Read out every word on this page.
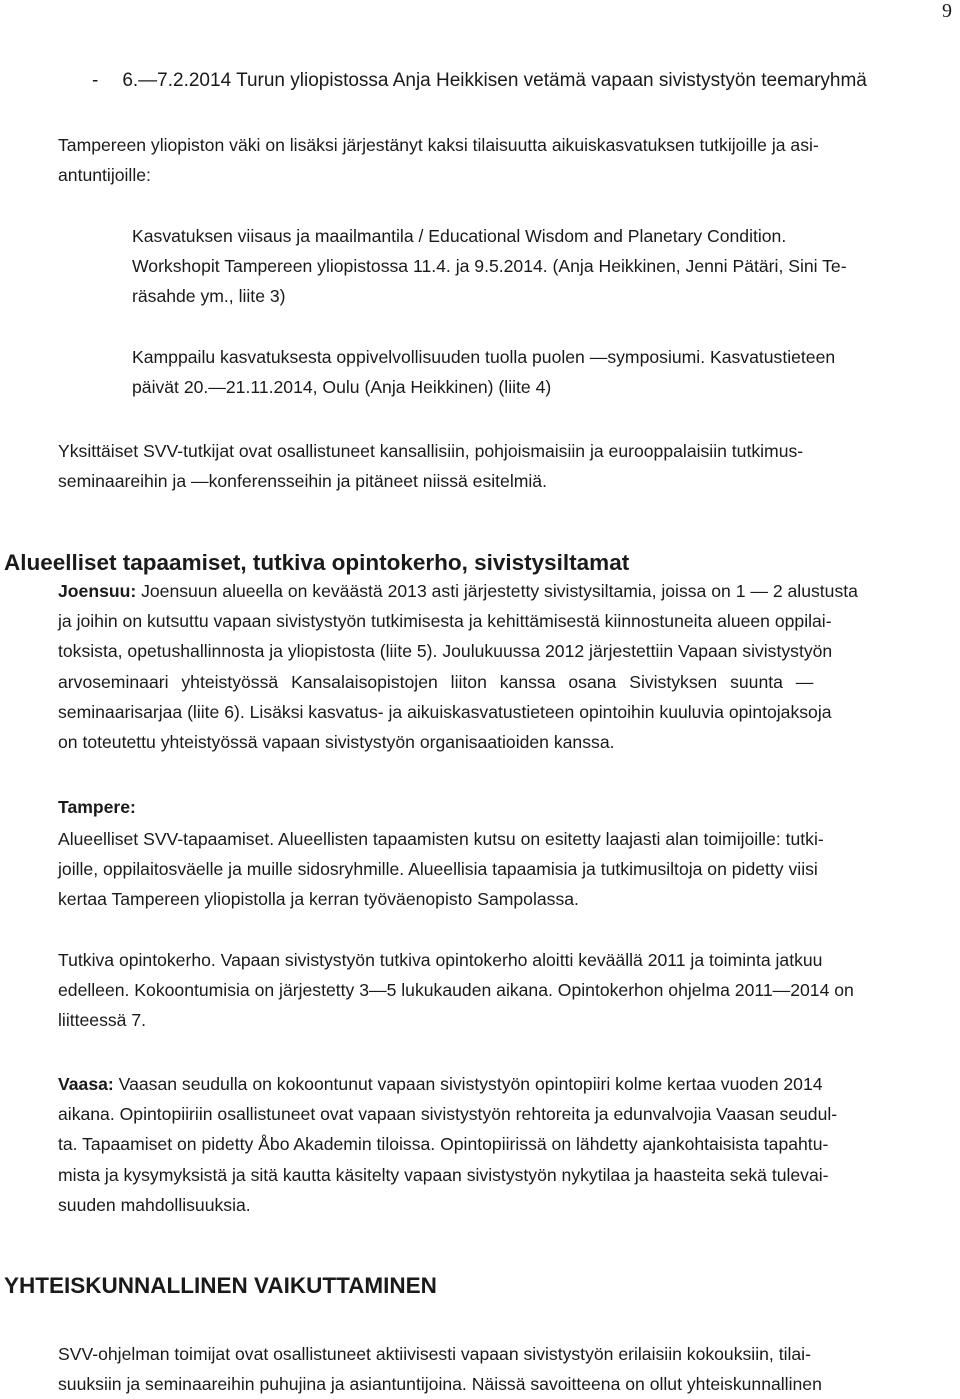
9
- 6.—7.2.2014 Turun yliopistossa Anja Heikkisen vetämä vapaan sivistystyön teemaryhmä
Tampereen yliopiston väki on lisäksi järjestänyt kaksi tilaisuutta aikuiskasvatuksen tutkijoille ja asi-
antuntijoille:
Kasvatuksen viisaus ja maailmantila / Educational Wisdom and Planetary Condition.
Workshopit Tampereen yliopistossa 11.4. ja 9.5.2014. (Anja Heikkinen, Jenni Pätäri, Sini Te-
räsahde ym., liite 3)
Kamppailu kasvatuksesta oppivelvollisuuden tuolla puolen —symposiumi. Kasvatustieteen
päivät 20.—21.11.2014, Oulu (Anja Heikkinen) (liite 4)
Yksittäiset SVV-tutkijat ovat osallistuneet kansallisiin, pohjoismaisiin ja eurooppalaisiin tutkimus-
seminaareihin ja —konferensseihin ja pitäneet niissä esitelmiä.
Alueelliset tapaamiset, tutkiva opintokerho, sivistysiltamat
Joensuu: Joensuun alueella on keväästä 2013 asti järjestetty sivistysiltamia, joissa on 1 — 2 alustusta
ja joihin on kutsuttu vapaan sivistystyön tutkimisesta ja kehittämisestä kiinnostuneita alueen oppilai-
toksista, opetushallinnosta ja yliopistosta (liite 5). Joulukuussa 2012 järjestettiin Vapaan sivistystyön
arvoseminaari yhteistyössä Kansalaisopistojen liiton kanssa osana Sivistyksen suunta —
seminaarisarjaa (liite 6). Lisäksi kasvatus- ja aikuiskasvatustieteen opintoihin kuuluvia opintojaksoja
on toteutettu yhteistyössä vapaan sivistystyön organisaatioiden kanssa.
Tampere:
Alueelliset SVV-tapaamiset. Alueellisten tapaamisten kutsu on esitetty laajasti alan toimijoille: tutki-
joille, oppilaitosväelle ja muille sidosryhmille. Alueellisia tapaamisia ja tutkimusiltoja on pidetty viisi
kertaa Tampereen yliopistolla ja kerran työväenopisto Sampolassa.
Tutkiva opintokerho. Vapaan sivistystyön tutkiva opintokerho aloitti keväällä 2011 ja toiminta jatkuu
edelleen. Kokoontumisia on järjestetty 3—5 lukukauden aikana. Opintokerhon ohjelma 2011—2014 on
liitteessä 7.
Vaasa: Vaasan seudulla on kokoontunut vapaan sivistystyön opintopiiri kolme kertaa vuoden 2014
aikana. Opintopiiriin osallistuneet ovat vapaan sivistystyön rehtoreita ja edunvalvojia Vaasan seudul-
ta. Tapaamiset on pidetty Åbo Akademin tiloissa. Opintopiirissä on lähdetty ajankohtaisista tapahtu-
mista ja kysymyksistä ja sitä kautta käsitelty vapaan sivistystyön nykytilaa ja haasteita sekä tulevai-
suuden mahdollisuuksia.
YHTEISKUNNALLINEN VAIKUTTAMINEN
SVV-ohjelman toimijat ovat osallistuneet aktiivisesti vapaan sivistystyön erilaisiin kokouksiin, tilai-
suuksiin ja seminaareihin puhujina ja asiantuntijoina. Näissä savoitteena on ollut yhteiskunnallinen
